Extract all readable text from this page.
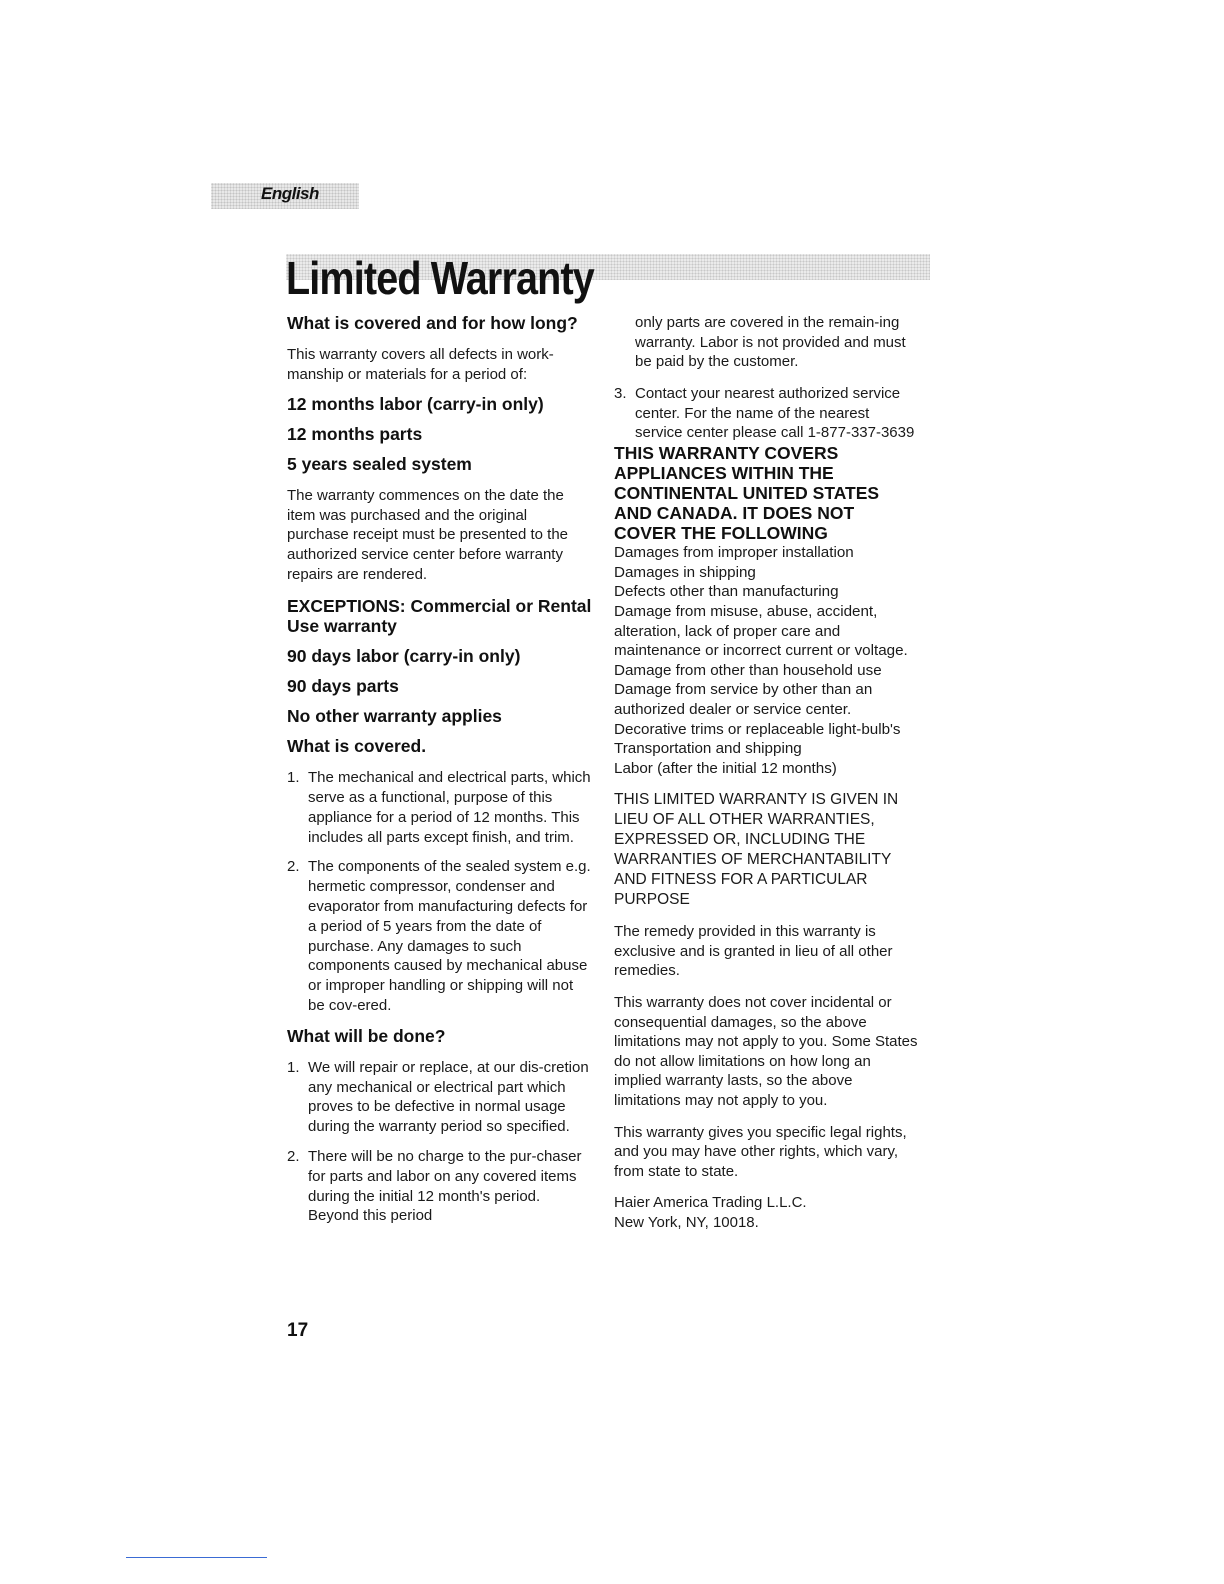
English
Limited Warranty
What is covered and for how long?

This warranty covers all defects in work-manship or materials for a period of:

12 months labor (carry-in only)
12 months parts
5 years sealed system

The warranty commences on the date the item was purchased and the original purchase receipt must be presented to the authorized service center before warranty repairs are rendered.

EXCEPTIONS: Commercial or Rental Use warranty
90 days labor (carry-in only)
90 days parts
No other warranty applies
What is covered.
1. The mechanical and electrical parts, which serve as a functional, purpose of this appliance for a period of 12 months. This includes all parts except finish, and trim.
2. The components of the sealed system e.g. hermetic compressor, condenser and evaporator from manufacturing defects for a period of 5 years from the date of purchase. Any damages to such components caused by mechanical abuse or improper handling or shipping will not be cov-ered.
What will be done?
1. We will repair or replace, at our dis-cretion any mechanical or electrical part which proves to be defective in normal usage during the warranty period so specified.
2. There will be no charge to the pur-chaser for parts and labor on any covered items during the initial 12 month's period. Beyond this period

only parts are covered in the remain-ing warranty. Labor is not provided and must be paid by the customer.

3. Contact your nearest authorized service center. For the name of the nearest service center please call 1-877-337-3639

THIS WARRANTY COVERS APPLIANCES WITHIN THE CONTINENTAL UNITED STATES AND CANADA. IT DOES NOT COVER THE FOLLOWING

Damages from improper installation

Damages in shipping

Defects other than manufacturing

Damage from misuse, abuse, accident, alteration, lack of proper care and maintenance or incorrect current or voltage.

Damage from other than household use

Damage from service by other than an authorized dealer or service center.

Decorative trims or replaceable light-bulb's

Transportation and shipping

Labor (after the initial 12 months)

THIS LIMITED WARRANTY IS GIVEN IN LIEU OF ALL OTHER WARRANTIES, EXPRESSED OR, INCLUDING THE WARRANTIES OF MERCHANTABILITY AND FITNESS FOR A PARTICULAR PURPOSE

The remedy provided in this warranty is exclusive and is granted in lieu of all other remedies.

This warranty does not cover incidental or consequential damages, so the above limitations may not apply to you. Some States do not allow limitations on how long an implied warranty lasts, so the above limitations may not apply to you.

This warranty gives you specific legal rights, and you may have other rights, which vary, from state to state.

Haier America Trading L.L.C.

New York, NY, 10018.

17
